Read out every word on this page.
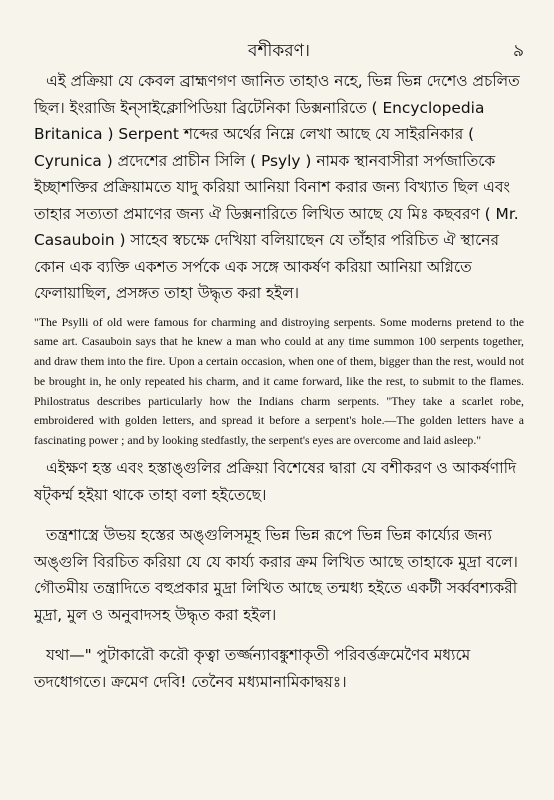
বশীকরণ।	৯

এই প্রক্রিয়া যে কেবল ব্রাহ্মণগণ জানিত তাহাও নহে, ভিন্ন ভিন্ন দেশেও প্রচলিত ছিল। ইংরাজি ইন্‌সাইক্লোপিডিয়া ব্রিটেনিকা ডিক্সনারিতে ( Encyclopedia Britanica ) Serpent শব্দের অর্থের নিম্নে লেখা আছে যে সাইরনিকার ( Cyrunica ) প্রদেশের প্রাচীন সিলি ( Psyly ) নামক স্থানবাসীরা সর্পজাতিকে ইচ্ছাশক্তির প্রক্রিয়ামতে যাদু করিয়া আনিয়া বিনাশ করার জন্য বিখ্যাত ছিল এবং তাহার সত্যতা প্রমাণের জন্য ঐ ডিক্সনারিতে লিখিত আছে যে মিঃ কছবরণ ( Mr. Casauboin ) সাহেব স্বচক্ষে দেখিয়া বলিয়াছেন যে তাঁহার পরিচিত ঐ স্থানের কোন এক ব্যক্তি একশত সর্পকে এক সঙ্গে আকর্ষণ করিয়া আনিয়া অগ্নিতে ফেলায়াছিল, প্রসঙ্গত তাহা উদ্ধৃত করা হইল।

"The Psylli of old were famous for charming and distroying serpents. Some moderns pretend to the same art. Casauboin says that he knew a man who could at any time summon 100 serpents together, and draw them into the fire. Upon a certain occasion, when one of them, bigger than the rest, would not be brought in, he only repeated his charm, and it came forward, like the rest, to submit to the flames. Philostratus describes particularly how the Indians charm serpents. "They take a scarlet robe, embroidered with golden letters, and spread it before a serpent's hole.—The golden letters have a fascinating power ; and by looking stedfastly, the serpent's eyes are overcome and laid asleep."

এইক্ষণ হস্ত এবং হস্তাঙ্গুলির প্রক্রিয়া বিশেষের দ্বারা যে বশীকরণ ও আকর্ষণাদি ষট্‌কর্ম্ম হইয়া থাকে তাহা বলা হইতেছে।

তন্ত্রশাস্ত্রে উভয় হস্তের অঙ্গুলিসমূহ ভিন্ন ভিন্ন রূপে ভিন্ন ভিন্ন কার্য্যের জন্য অঙ্গুলি বিরচিত করিয়া যে যে কার্য্য করার ক্রম লিখিত আছে তাহাকে মুদ্রা বলে। গৌতমীয় তন্ত্রাদিতে বহুপ্রকার মুদ্রা লিখিত আছে তন্মধ্য হইতে একটী সর্ব্ববশ্যকরী মুদ্রা, মুল ও অনুবাদসহ উদ্ধৃত করা হইল।

যথা—" পুটাকারৌ করৌ কৃত্বা তর্জ্জন্যাবঙ্কুশাকৃতী পরিবর্ত্তক্রমেণৈব মধ্যমে তদধোগতে। ক্রমেণ দেবি! তেনৈব মধ্যমানামিকাদ্বয়ঃ।
